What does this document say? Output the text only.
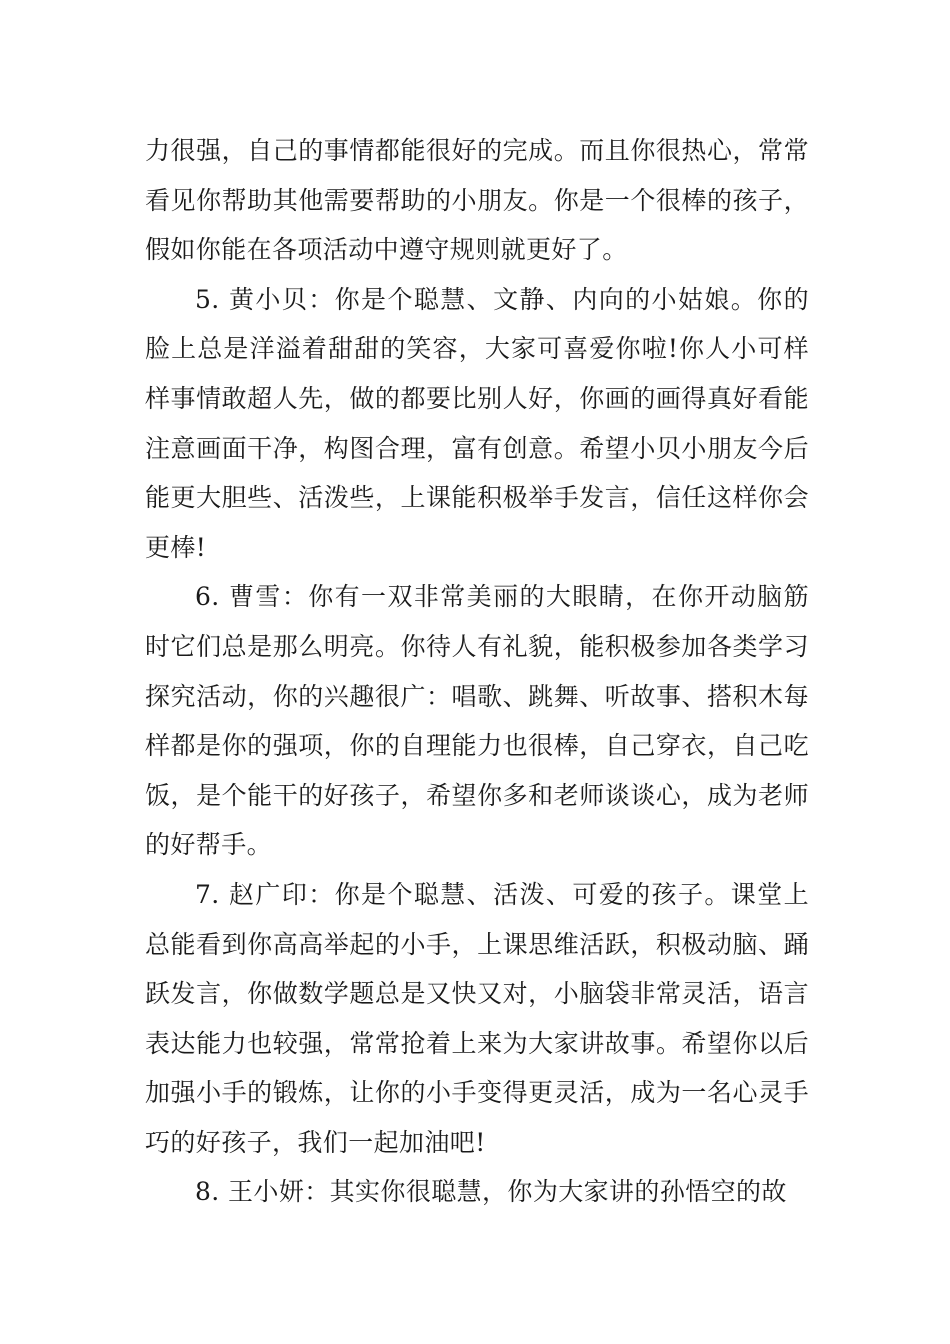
力很强，自己的事情都能很好的完成。而且你很热心，常常看见你帮助其他需要帮助的小朋友。你是一个很棒的孩子，假如你能在各项活动中遵守规则就更好了。

5. 黄小贝：你是个聪慧、文静、内向的小姑娘。你的脸上总是洋溢着甜甜的笑容，大家可喜爱你啦!你人小可样样事情敢超人先，做的都要比别人好，你画的画得真好看能注意画面干净，构图合理，富有创意。希望小贝小朋友今后能更大胆些、活泼些，上课能积极举手发言，信任这样你会更棒!

6. 曹雪：你有一双非常美丽的大眼睛，在你开动脑筋时它们总是那么明亮。你待人有礼貌，能积极参加各类学习探究活动，你的兴趣很广：唱歌、跳舞、听故事、搭积木每样都是你的强项，你的自理能力也很棒，自己穿衣，自己吃饭，是个能干的好孩子，希望你多和老师谈谈心，成为老师的好帮手。

7. 赵广印：你是个聪慧、活泼、可爱的孩子。课堂上总能看到你高高举起的小手，上课思维活跃，积极动脑、踊跃发言，你做数学题总是又快又对，小脑袋非常灵活，语言表达能力也较强，常常抢着上来为大家讲故事。希望你以后加强小手的锻炼，让你的小手变得更灵活，成为一名心灵手巧的好孩子，我们一起加油吧!

8. 王小妍：其实你很聪慧，你为大家讲的孙悟空的故
